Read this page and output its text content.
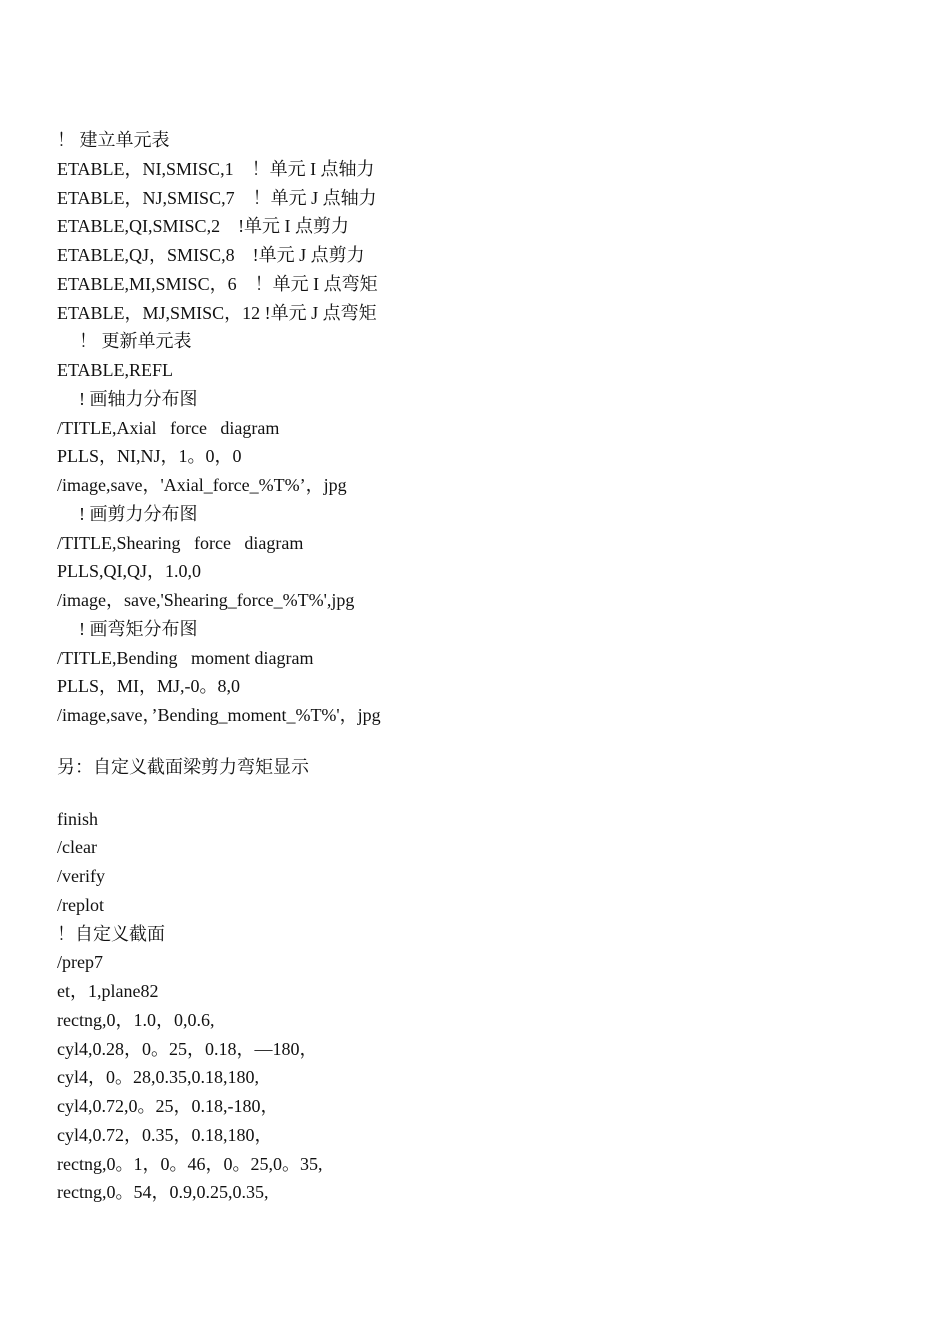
！ 建立单元表
ETABLE，NI,SMISC,1    ！单元 I 点轴力
ETABLE，NJ,SMISC,7    ！单元 J 点轴力
ETABLE,QI,SMISC,2    !单元 I 点剪力
ETABLE,QJ，SMISC,8    !单元 J 点剪力
ETABLE,MI,SMISC，6    ！单元 I 点弯矩
ETABLE，MJ,SMISC，12 !单元 J 点弯矩
！ 更新单元表
ETABLE,REFL
! 画轴力分布图
/TITLE,Axial   force   diagram
PLLS，NI,NJ，1。0，0
/image,save，'Axial_force_%T%’，jpg
! 画剪力分布图
/TITLE,Shearing   force   diagram
PLLS,QI,QJ，1.0,0
/image，save,'Shearing_force_%T%',jpg
! 画弯矩分布图
/TITLE,Bending   moment diagram
PLLS，MI，MJ,-0。8,0
/image,save，’Bending_moment_%T%'，jpg
另：自定义截面梁剪力弯矩显示
finish
/clear
/verify
/replot
！自定义截面
/prep7
et，1,plane82
rectng,0，1.0，0,0.6,
cyl4,0.28，0。25，0.18，—180，
cyl4，0。28,0.35,0.18,180,
cyl4,0.72,0。25，0.18,-180，
cyl4,0.72，0.35，0.18,180，
rectng,0。1，0。46，0。25,0。35,
rectng,0。54，0.9,0.25,0.35,
